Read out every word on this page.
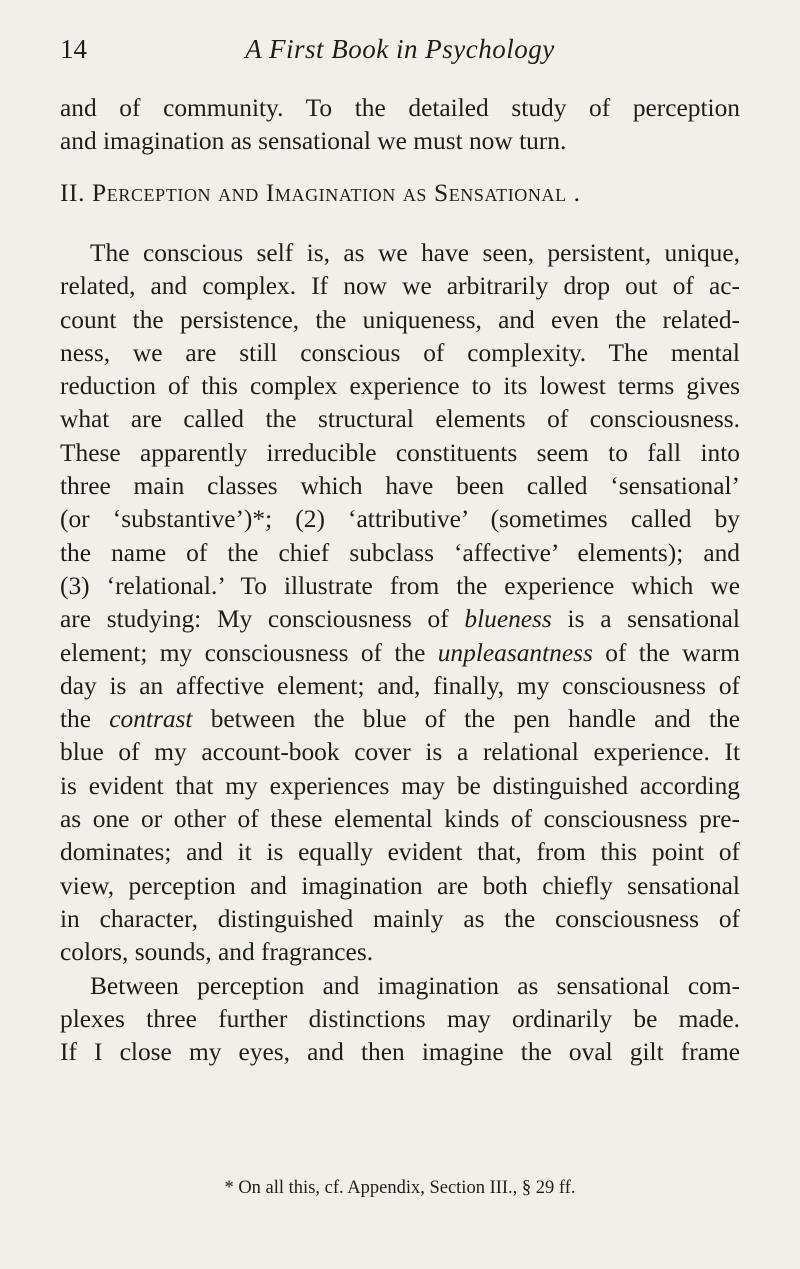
14	A First Book in Psychology
and of community. To the detailed study of perception
and imagination as sensational we must now turn.
II. Perception and Imagination as Sensational .
The conscious self is, as we have seen, persistent, unique,
related, and complex. If now we arbitrarily drop out of ac-
count the persistence, the uniqueness, and even the related-
ness, we are still conscious of complexity. The mental
reduction of this complex experience to its lowest terms gives
what are called the structural elements of consciousness.
These apparently irreducible constituents seem to fall into
three main classes which have been called ‘sensational’
(or ‘substantive’)*; (2) ‘attributive’ (sometimes called by
the name of the chief subclass ‘affective’ elements); and
(3) ‘relational.’ To illustrate from the experience which we
are studying: My consciousness of blueness is a sensational
element; my consciousness of the unpleasantness of the warm
day is an affective element; and, finally, my consciousness of
the contrast between the blue of the pen handle and the
blue of my account-book cover is a relational experience. It
is evident that my experiences may be distinguished according
as one or other of these elemental kinds of consciousness pre-
dominates; and it is equally evident that, from this point of
view, perception and imagination are both chiefly sensational
in character, distinguished mainly as the consciousness of
colors, sounds, and fragrances.
Between perception and imagination as sensational com-
plexes three further distinctions may ordinarily be made.
If I close my eyes, and then imagine the oval gilt frame
* On all this, cf. Appendix, Section III., § 29 ff.
